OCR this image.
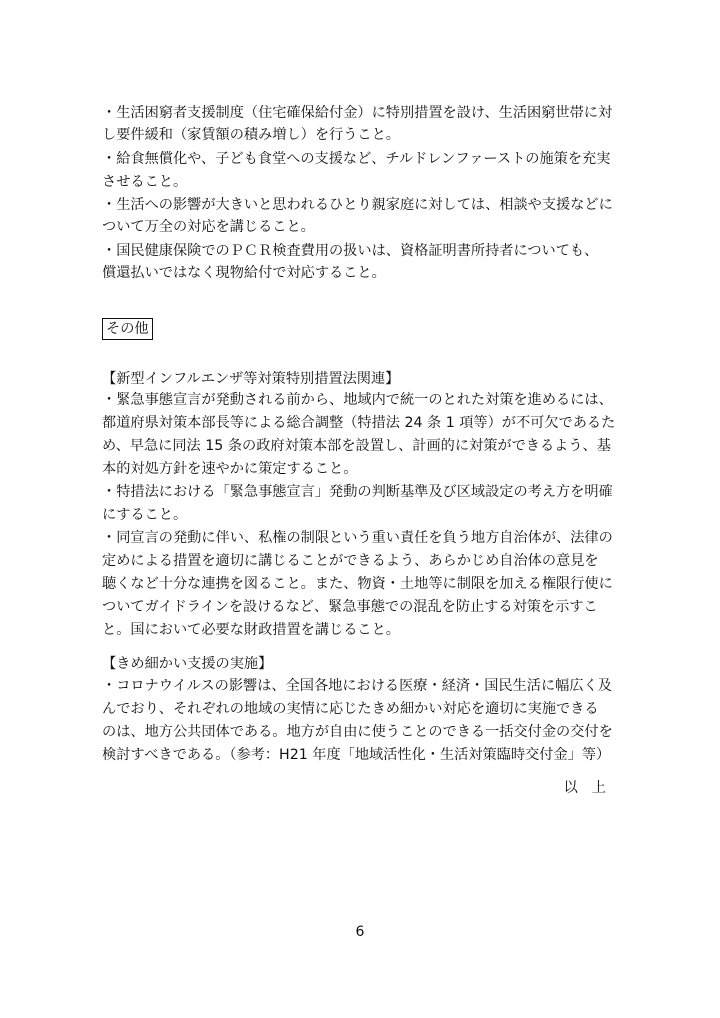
・生活困窮者支援制度（住宅確保給付金）に特別措置を設け、生活困窮世帯に対
し要件緩和（家賃額の積み増し）を行うこと。
・給食無償化や、子ども食堂への支援など、チルドレンファーストの施策を充実
させること。
・生活への影響が大きいと思われるひとり親家庭に対しては、相談や支援などに
ついて万全の対応を講じること。
・国民健康保険でのＰＣＲ検査費用の扱いは、資格証明書所持者についても、
償還払いではなく現物給付で対応すること。
その他
【新型インフルエンザ等対策特別措置法関連】
・緊急事態宣言が発動される前から、地域内で統一のとれた対策を進めるには、
都道府県対策本部長等による総合調整（特措法 24 条 1 項等）が不可欠であるた
め、早急に同法 15 条の政府対策本部を設置し、計画的に対策ができるよう、基
本的対処方針を速やかに策定すること。
・特措法における「緊急事態宣言」発動の判断基準及び区域設定の考え方を明確
にすること。
・同宣言の発動に伴い、私権の制限という重い責任を負う地方自治体が、法律の
定めによる措置を適切に講じることができるよう、あらかじめ自治体の意見を
聴くなど十分な連携を図ること。また、物資・土地等に制限を加える権限行使に
ついてガイドラインを設けるなど、緊急事態での混乱を防止する対策を示すこ
と。国において必要な財政措置を講じること。
【きめ細かい支援の実施】
・コロナウイルスの影響は、全国各地における医療・経済・国民生活に幅広く及
んでおり、それぞれの地域の実情に応じたきめ細かい対応を適切に実施できる
のは、地方公共団体である。地方が自由に使うことのできる一括交付金の交付を
検討すべきである。（参考：H21 年度「地域活性化・生活対策臨時交付金」等）
以上
6
